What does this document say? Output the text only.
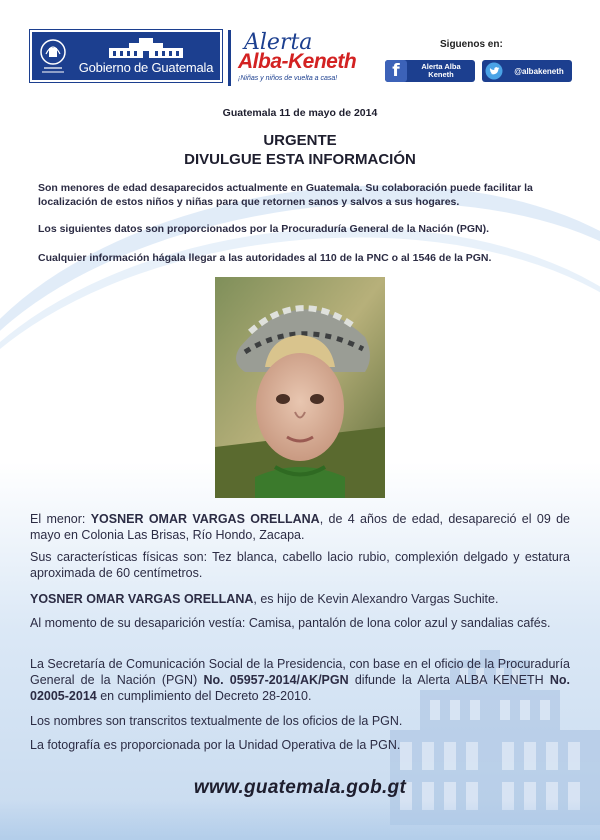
Gobierno de Guatemala
Alerta
Alba-Keneth
¡Niñas y niños de vuelta a casa!
Siguenos en:
f	Alerta Alba Keneth	@albakeneth
Guatemala 11 de mayo de 2014
URGENTE
DIVULGUE ESTA INFORMACIÓN
Son menores de edad desaparecidos actualmente en Guatemala. Su colaboración puede facilitar la localización de estos niños y niñas para que retornen sanos y salvos a sus hogares.
Los siguientes datos son proporcionados por la Procuraduría General de la Nación (PGN).
Cualquier información hágala llegar a las autoridades al 110 de la PNC o al 1546 de la PGN.
El menor: YOSNER OMAR VARGAS ORELLANA, de 4 años de edad, desapareció el 09 de mayo en Colonia Las Brisas, Río Hondo, Zacapa.
Sus características físicas son: Tez blanca, cabello lacio rubio, complexión delgado y estatura aproximada de 60 centímetros.
YOSNER OMAR VARGAS ORELLANA, es hijo de Kevin Alexandro Vargas Suchite.
Al momento de su desaparición vestía: Camisa, pantalón de lona color azul y sandalias cafés.
La Secretaría de Comunicación Social de la Presidencia, con base en el oficio de la Procuraduría General de la Nación (PGN) No. 05957-2014/AK/PGN difunde la Alerta ALBA KENETH No. 02005-2014 en cumplimiento del Decreto 28-2010.
Los nombres son transcritos textualmente de los oficios de la PGN.
La fotografía es proporcionada por la Unidad Operativa de la PGN.
www.guatemala.gob.gt
